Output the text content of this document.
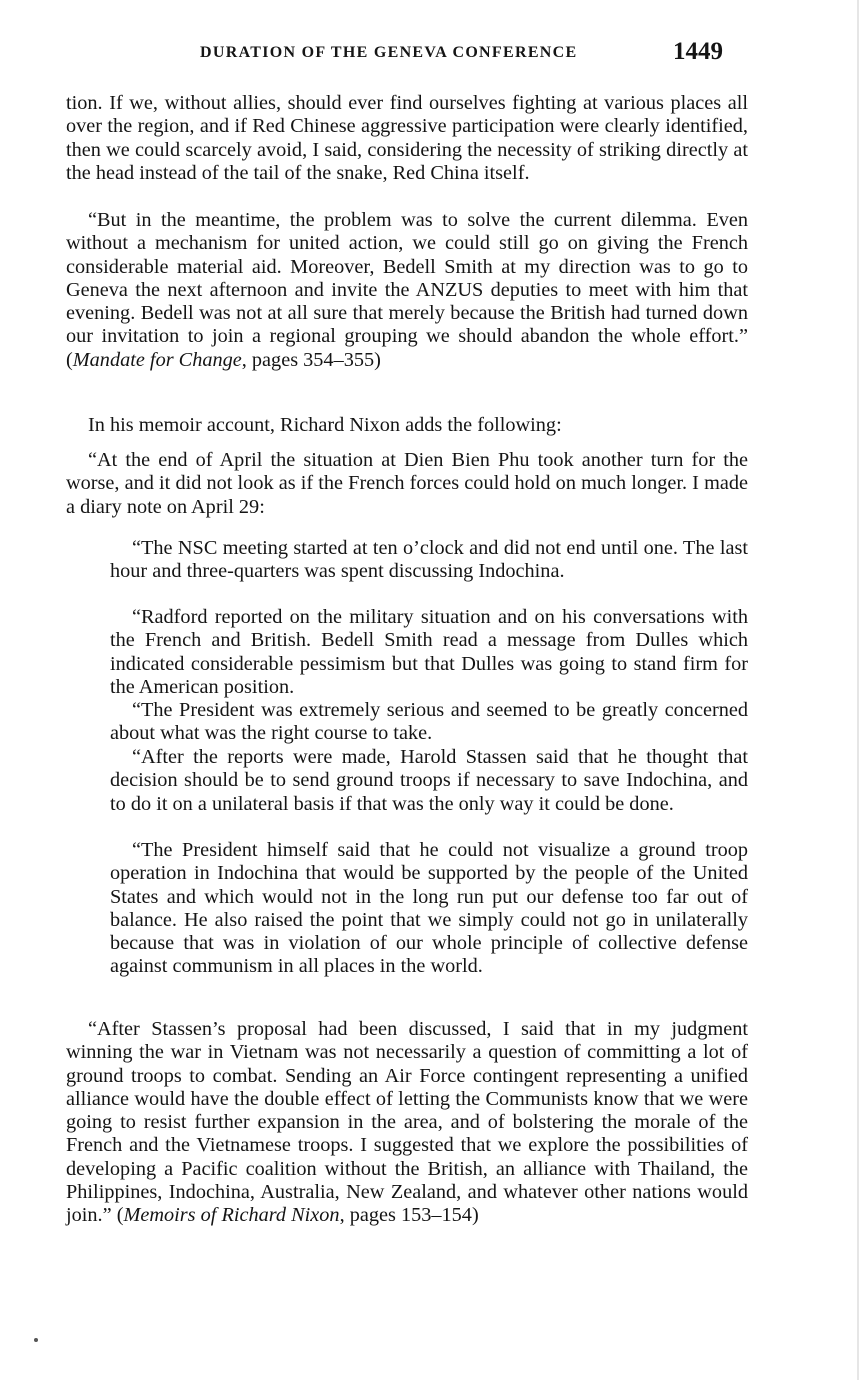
DURATION OF THE GENEVA CONFERENCE	1449
tion. If we, without allies, should ever find ourselves fighting at various places all over the region, and if Red Chinese aggressive participation were clearly identified, then we could scarcely avoid, I said, considering the necessity of striking directly at the head instead of the tail of the snake, Red China itself.
“But in the meantime, the problem was to solve the current dilemma. Even without a mechanism for united action, we could still go on giving the French considerable material aid. Moreover, Bedell Smith at my direction was to go to Geneva the next afternoon and invite the ANZUS deputies to meet with him that evening. Bedell was not at all sure that merely because the British had turned down our invitation to join a regional grouping we should abandon the whole effort.” (Mandate for Change, pages 354–355)
In his memoir account, Richard Nixon adds the following:
“At the end of April the situation at Dien Bien Phu took another turn for the worse, and it did not look as if the French forces could hold on much longer. I made a diary note on April 29:
“The NSC meeting started at ten o’clock and did not end until one. The last hour and three-quarters was spent discussing Indochina.
“Radford reported on the military situation and on his conversations with the French and British. Bedell Smith read a message from Dulles which indicated considerable pessimism but that Dulles was going to stand firm for the American position.
“The President was extremely serious and seemed to be greatly concerned about what was the right course to take.
“After the reports were made, Harold Stassen said that he thought that decision should be to send ground troops if necessary to save Indochina, and to do it on a unilateral basis if that was the only way it could be done.
“The President himself said that he could not visualize a ground troop operation in Indochina that would be supported by the people of the United States and which would not in the long run put our defense too far out of balance. He also raised the point that we simply could not go in unilaterally because that was in violation of our whole principle of collective defense against communism in all places in the world.
“After Stassen’s proposal had been discussed, I said that in my judgment winning the war in Vietnam was not necessarily a question of committing a lot of ground troops to combat. Sending an Air Force contingent representing a unified alliance would have the double effect of letting the Communists know that we were going to resist further expansion in the area, and of bolstering the morale of the French and the Vietnamese troops. I suggested that we explore the possibilities of developing a Pacific coalition without the British, an alliance with Thailand, the Philippines, Indochina, Australia, New Zealand, and whatever other nations would join.” (Memoirs of Richard Nixon, pages 153–154)
